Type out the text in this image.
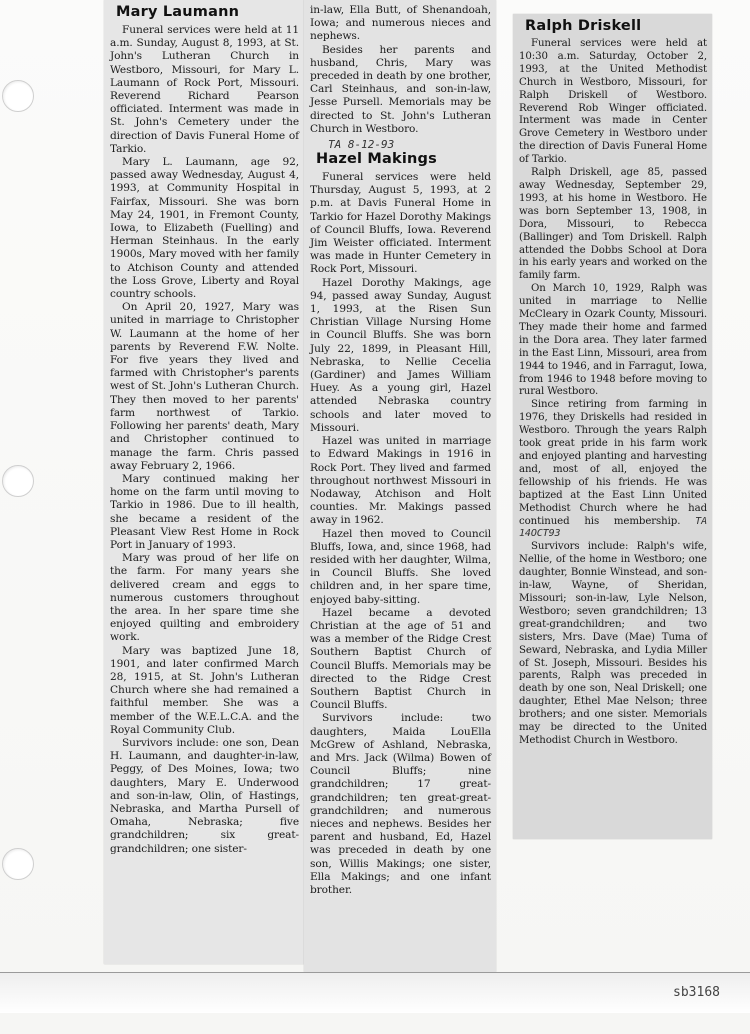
Mary Laumann

Funeral services were held at 11 a.m. Sunday, August 8, 1993, at St. John's Lutheran Church in Westboro, Missouri, for Mary L. Laumann of Rock Port, Missouri. Reverend Richard Pearson officiated. Interment was made in St. John's Cemetery under the direction of Davis Funeral Home of Tarkio.

Mary L. Laumann, age 92, passed away Wednesday, August 4, 1993, at Community Hospital in Fairfax, Missouri. She was born May 24, 1901, in Fremont County, Iowa, to Elizabeth (Fuelling) and Herman Steinhaus. In the early 1900s, Mary moved with her family to Atchison County and attended the Loss Grove, Liberty and Royal country schools.

On April 20, 1927, Mary was united in marriage to Christopher W. Laumann at the home of her parents by Reverend F.W. Nolte. For five years they lived and farmed with Christopher's parents west of St. John's Lutheran Church. They then moved to her parents' farm northwest of Tarkio. Following her parents' death, Mary and Christopher continued to manage the farm. Chris passed away February 2, 1966.

Mary continued making her home on the farm until moving to Tarkio in 1986. Due to ill health, she became a resident of the Pleasant View Rest Home in Rock Port in January of 1993.

Mary was proud of her life on the farm. For many years she delivered cream and eggs to numerous customers throughout the area. In her spare time she enjoyed quilting and embroidery work.

Mary was baptized June 18, 1901, and later confirmed March 28, 1915, at St. John's Lutheran Church where she had remained a faithful member. She was a member of the W.E.L.C.A. and the Royal Community Club.

Survivors include: one son, Dean H. Laumann, and daughter-in-law, Peggy, of Des Moines, Iowa; two daughters, Mary E. Underwood and son-in-law, Olin, of Hastings, Nebraska, and Martha Pursell of Omaha, Nebraska; five grandchildren; six great-grandchildren; one sister-

in-law, Ella Butt, of Shenandoah, Iowa; and numerous nieces and nephews.

Besides her parents and husband, Chris, Mary was preceded in death by one brother, Carl Steinhaus, and son-in-law, Jesse Pursell. Memorials may be directed to St. John's Lutheran Church in Westboro.

TA 8-12-93
Hazel Makings

Funeral services were held Thursday, August 5, 1993, at 2 p.m. at Davis Funeral Home in Tarkio for Hazel Dorothy Makings of Council Bluffs, Iowa. Reverend Jim Weister officiated. Interment was made in Hunter Cemetery in Rock Port, Missouri.

Hazel Dorothy Makings, age 94, passed away Sunday, August 1, 1993, at the Risen Sun Christian Village Nursing Home in Council Bluffs. She was born July 22, 1899, in Pleasant Hill, Nebraska, to Nellie Cecelia (Gardiner) and James William Huey. As a young girl, Hazel attended Nebraska country schools and later moved to Missouri.

Hazel was united in marriage to Edward Makings in 1916 in Rock Port. They lived and farmed throughout northwest Missouri in Nodaway, Atchison and Holt counties. Mr. Makings passed away in 1962.

Hazel then moved to Council Bluffs, Iowa, and, since 1968, had resided with her daughter, Wilma, in Council Bluffs. She loved children and, in her spare time, enjoyed baby-sitting.

Hazel became a devoted Christian at the age of 51 and was a member of the Ridge Crest Southern Baptist Church of Council Bluffs. Memorials may be directed to the Ridge Crest Southern Baptist Church in Council Bluffs.

Survivors include: two daughters, Maida LouElla McGrew of Ashland, Nebraska, and Mrs. Jack (Wilma) Bowen of Council Bluffs; nine grandchildren; 17 great-grandchildren; ten great-great-grandchildren; and numerous nieces and nephews. Besides her parent and husband, Ed, Hazel was preceded in death by one son, Willis Makings; one sister, Ella Makings; and one infant brother.

Ralph Driskell

Funeral services were held at 10:30 a.m. Saturday, October 2, 1993, at the United Methodist Church in Westboro, Missouri, for Ralph Driskell of Westboro. Reverend Rob Winger officiated. Interment was made in Center Grove Cemetery in Westboro under the direction of Davis Funeral Home of Tarkio.

Ralph Driskell, age 85, passed away Wednesday, September 29, 1993, at his home in Westboro. He was born September 13, 1908, in Dora, Missouri, to Rebecca (Ballinger) and Tom Driskell. Ralph attended the Dobbs School at Dora in his early years and worked on the family farm.

On March 10, 1929, Ralph was united in marriage to Nellie McCleary in Ozark County, Missouri. They made their home and farmed in the Dora area. They later farmed in the East Linn, Missouri, area from 1944 to 1946, and in Farragut, Iowa, from 1946 to 1948 before moving to rural Westboro.

Since retiring from farming in 1976, they Driskells had resided in Westboro. Through the years Ralph took great pride in his farm work and enjoyed planting and harvesting and, most of all, enjoyed the fellowship of his friends. He was baptized at the East Linn United Methodist Church where he had continued his membership. TA 14OCT93

Survivors include: Ralph's wife, Nellie, of the home in Westboro; one daughter, Bonnie Winstead, and son-in-law, Wayne, of Sheridan, Missouri; son-in-law, Lyle Nelson, Westboro; seven grandchildren; 13 great-grandchildren; and two sisters, Mrs. Dave (Mae) Tuma of Seward, Nebraska, and Lydia Miller of St. Joseph, Missouri. Besides his parents, Ralph was preceded in death by one son, Neal Driskell; one daughter, Ethel Mae Nelson; three brothers; and one sister. Memorials may be directed to the United Methodist Church in Westboro.

sb3168
